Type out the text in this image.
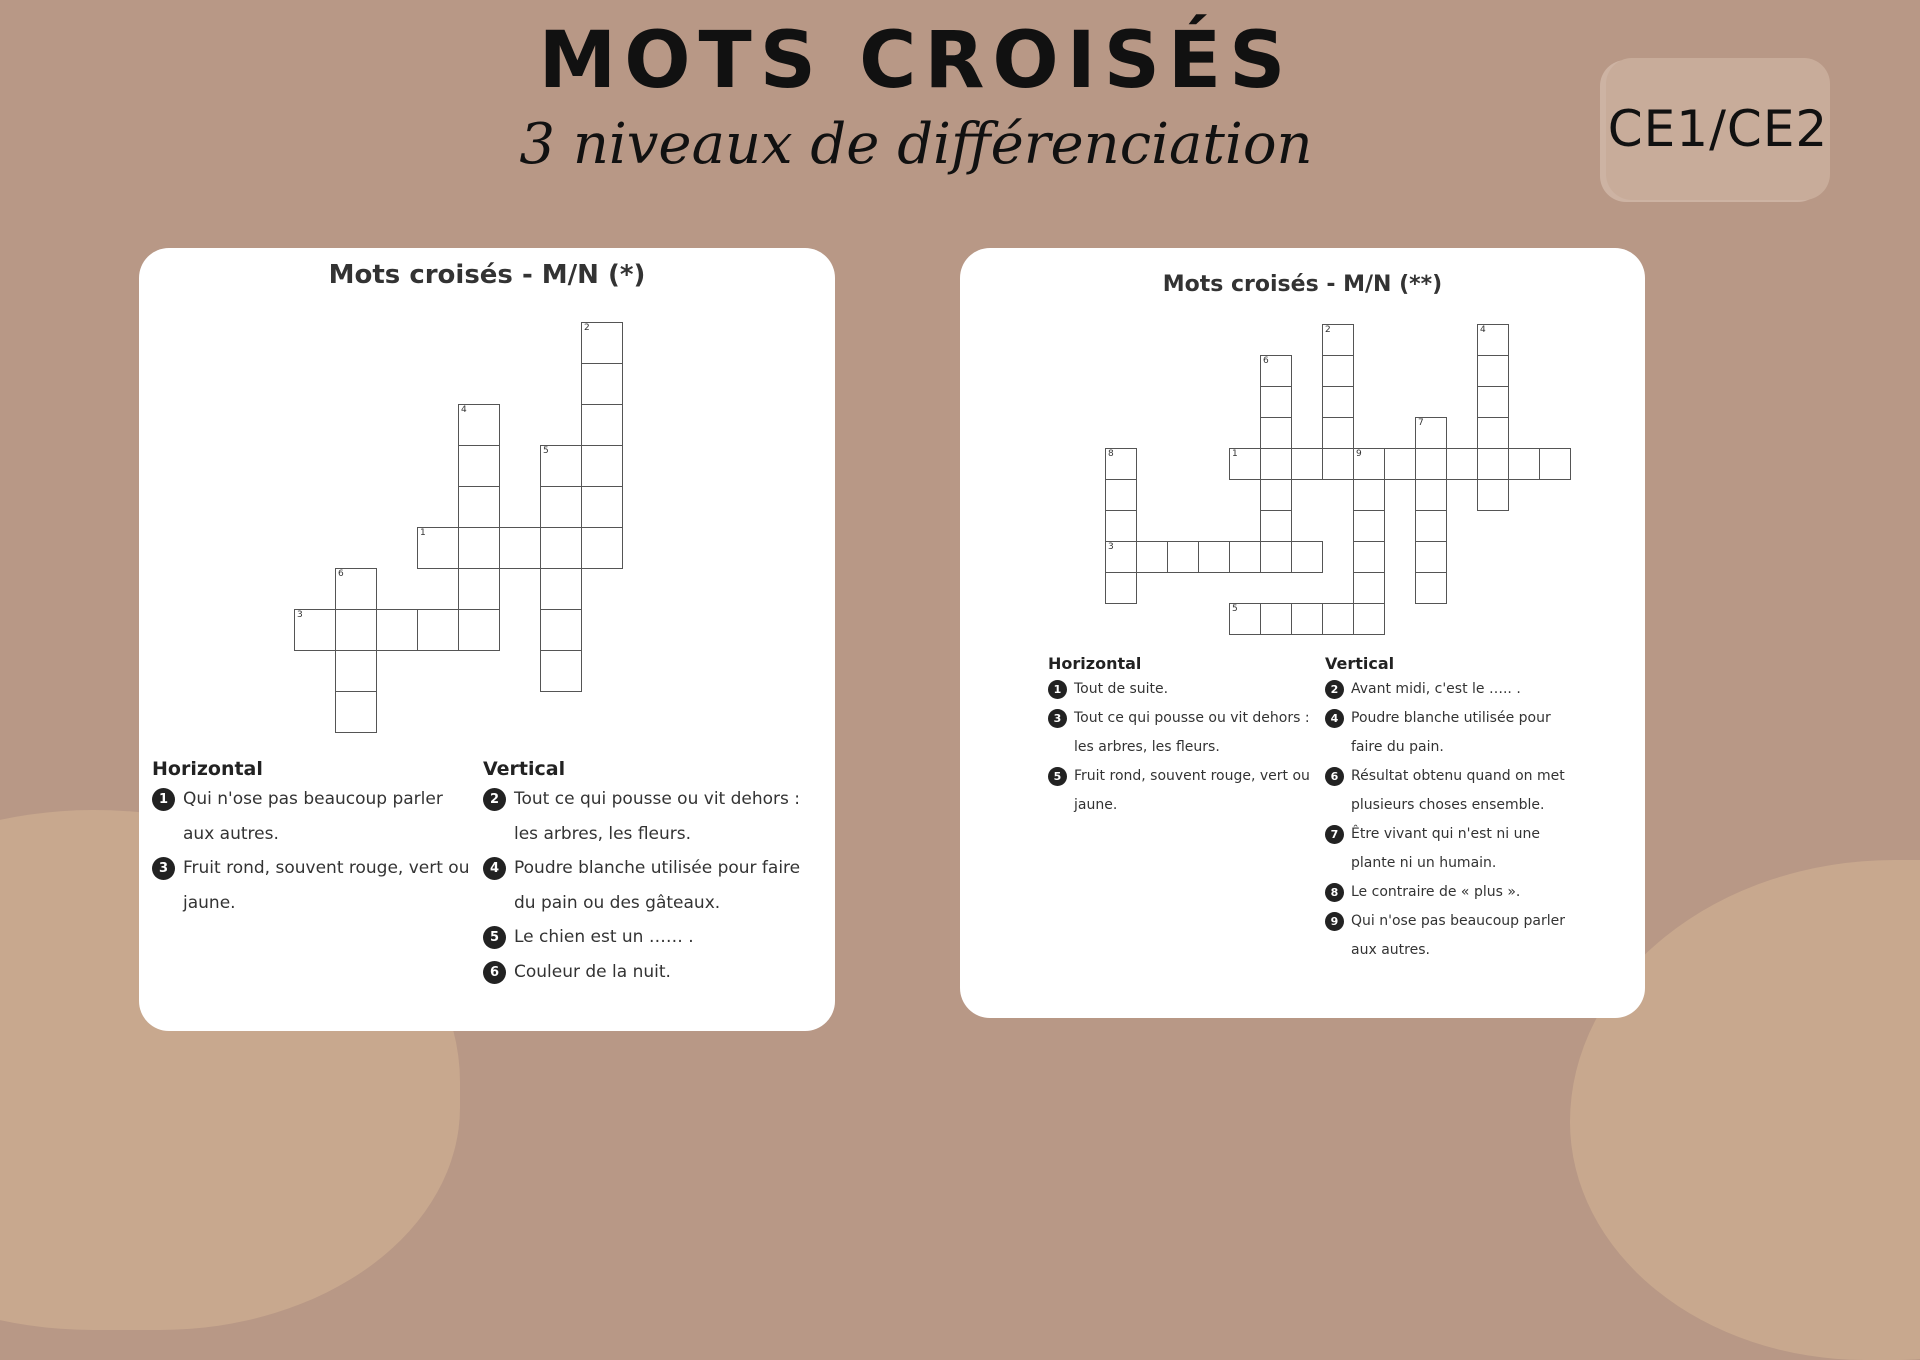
MOTS CROISÉS
3 niveaux de différenciation	CE1/CE2
Mots croisés - M/N (*)
2
4
5
1
6
3
Horizontal
1 Qui n'ose pas beaucoup parler aux autres.
3 Fruit rond, souvent rouge, vert ou jaune.
Vertical
2 Tout ce qui pousse ou vit dehors : les arbres, les fleurs.
4 Poudre blanche utilisée pour faire du pain ou des gâteaux.
5 Le chien est un …… .
6 Couleur de la nuit.
Mots croisés - M/N (**)
2	4
6
7
8
3
1	9
5
Horizontal
1 Tout de suite.
3 Tout ce qui pousse ou vit dehors : les arbres, les fleurs.
5 Fruit rond, souvent rouge, vert ou jaune.
Vertical
2 Avant midi, c'est le ….. .
4 Poudre blanche utilisée pour faire du pain.
6 Résultat obtenu quand on met plusieurs choses ensemble.
7 Être vivant qui n'est ni une plante ni un humain.
8 Le contraire de « plus ».
9 Qui n'ose pas beaucoup parler aux autres.
